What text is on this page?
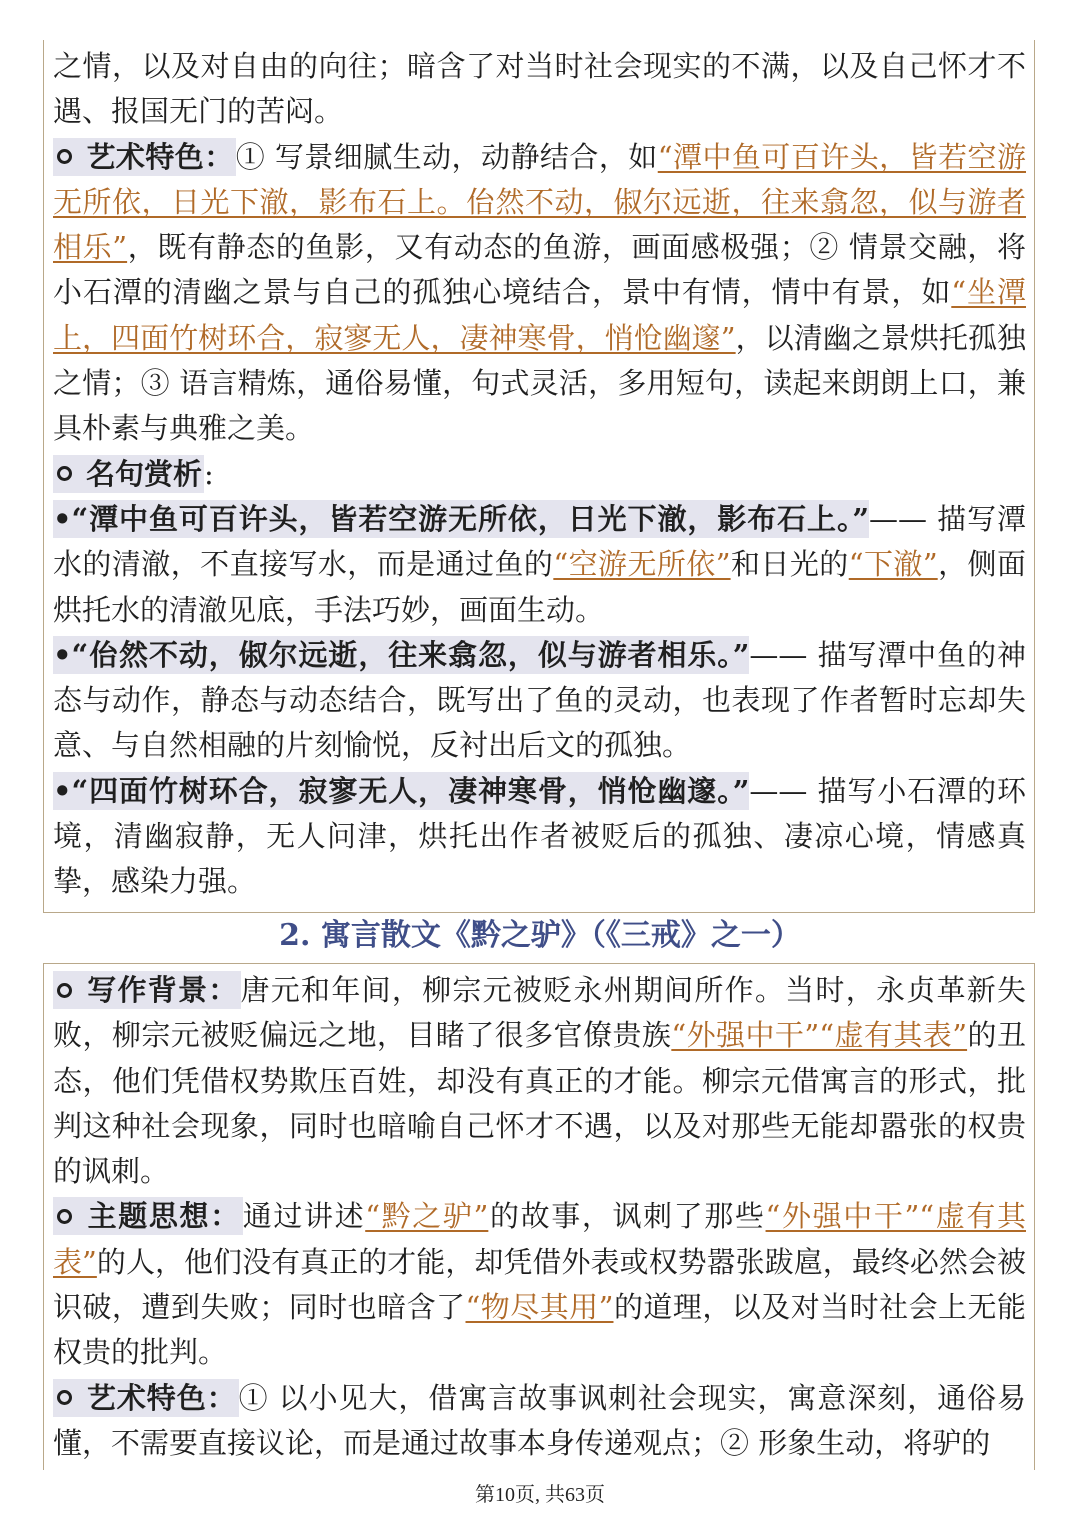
之情，以及对自由的向往；暗含了对当时社会现实的不满，以及自己怀才不遇、报国无门的苦闷。

艺术特色：① 写景细腻生动，动静结合，如“潭中鱼可百许头，皆若空游无所依，日光下澈，影布石上。佁然不动，俶尔远逝，往来翕忽，似与游者相乐”，既有静态的鱼影，又有动态的鱼游，画面感极强；② 情景交融，将小石潭的清幽之景与自己的孤独心境结合，景中有情，情中有景，如“坐潭上，四面竹树环合，寂寥无人，凄神寒骨，悄怆幽邃”，以清幽之景烘托孤独之情；③ 语言精炼，通俗易懂，句式灵活，多用短句，读起来朗朗上口，兼具朴素与典雅之美。

名句赏析:

•“潭中鱼可百许头，皆若空游无所依，日光下澈，影布石上。”—— 描写潭水的清澈，不直接写水，而是通过鱼的“空游无所依”和日光的“下澈”，侧面烘托水的清澈见底，手法巧妙，画面生动。

•“佁然不动，俶尔远逝，往来翕忽，似与游者相乐。”—— 描写潭中鱼的神态与动作，静态与动态结合，既写出了鱼的灵动，也表现了作者暂时忘却失意、与自然相融的片刻愉悦，反衬出后文的孤独。

•“四面竹树环合，寂寥无人，凄神寒骨，悄怆幽邃。”—— 描写小石潭的环境，清幽寂静，无人问津，烘托出作者被贬后的孤独、凄凉心境，情感真挚，感染力强。

2. 寓言散文《黔之驴》（《三戒》之一）

写作背景：唐元和年间，柳宗元被贬永州期间所作。当时，永贞革新失败，柳宗元被贬偏远之地，目睹了很多官僚贵族“外强中干”“虚有其表”的丑态，他们凭借权势欺压百姓，却没有真正的才能。柳宗元借寓言的形式，批判这种社会现象，同时也暗喻自己怀才不遇，以及对那些无能却嚣张的权贵的讽刺。

主题思想：通过讲述“黔之驴”的故事，讽刺了那些“外强中干”“虚有其表”的人，他们没有真正的才能，却凭借外表或权势嚣张跋扈，最终必然会被识破，遭到失败；同时也暗含了“物尽其用”的道理，以及对当时社会上无能权贵的批判。

艺术特色：① 以小见大，借寓言故事讽刺社会现实，寓意深刻，通俗易懂，不需要直接议论，而是通过故事本身传递观点；② 形象生动，将驴的

第10页, 共63页
